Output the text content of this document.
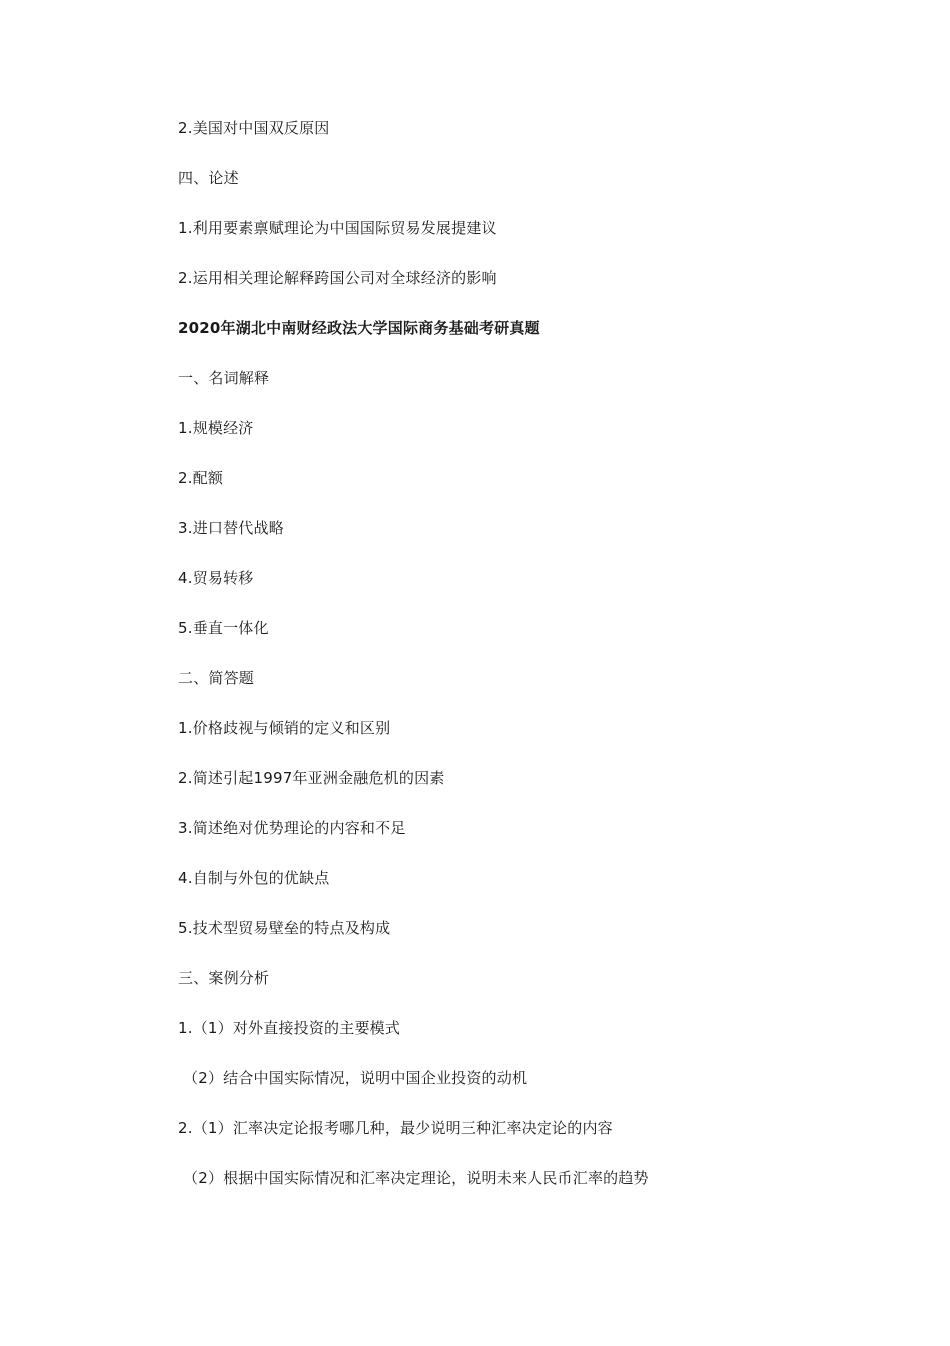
2.美国对中国双反原因
四、论述
1.利用要素禀赋理论为中国国际贸易发展提建议
2.运用相关理论解释跨国公司对全球经济的影响
2020年湖北中南财经政法大学国际商务基础考研真题
一、名词解释
1.规模经济
2.配额
3.进口替代战略
4.贸易转移
5.垂直一体化
二、简答题
1.价格歧视与倾销的定义和区别
2.简述引起1997年亚洲金融危机的因素
3.简述绝对优势理论的内容和不足
4.自制与外包的优缺点
5.技术型贸易壁垒的特点及构成
三、案例分析
1.（1）对外直接投资的主要模式
（2）结合中国实际情况，说明中国企业投资的动机
2.（1）汇率决定论报考哪几种，最少说明三种汇率决定论的内容
（2）根据中国实际情况和汇率决定理论，说明未来人民币汇率的趋势
